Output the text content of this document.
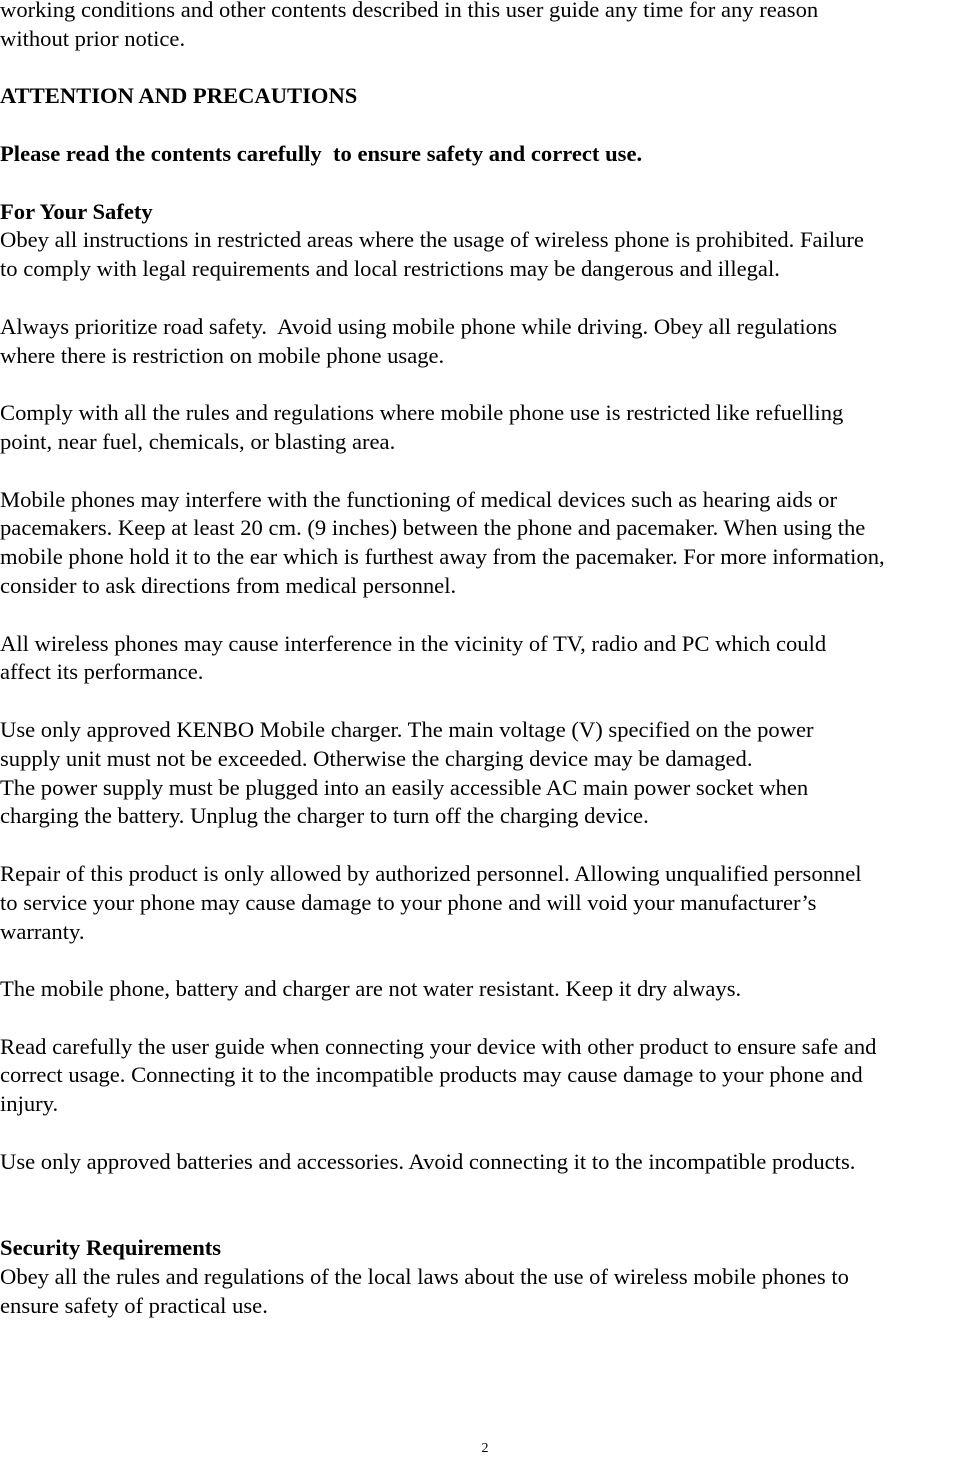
working conditions and other contents described in this user guide any time for any reason
without prior notice.
ATTENTION AND PRECAUTIONS
Please read the contents carefully  to ensure safety and correct use.
For Your Safety
Obey all instructions in restricted areas where the usage of wireless phone is prohibited. Failure
to comply with legal requirements and local restrictions may be dangerous and illegal.
Always prioritize road safety.  Avoid using mobile phone while driving. Obey all regulations
where there is restriction on mobile phone usage.
Comply with all the rules and regulations where mobile phone use is restricted like refuelling
point, near fuel, chemicals, or blasting area.
Mobile phones may interfere with the functioning of medical devices such as hearing aids or
pacemakers. Keep at least 20 cm. (9 inches) between the phone and pacemaker. When using the
mobile phone hold it to the ear which is furthest away from the pacemaker. For more information,
consider to ask directions from medical personnel.
All wireless phones may cause interference in the vicinity of TV, radio and PC which could
affect its performance.
Use only approved KENBO Mobile charger. The main voltage (V) specified on the power
supply unit must not be exceeded. Otherwise the charging device may be damaged.
The power supply must be plugged into an easily accessible AC main power socket when
charging the battery. Unplug the charger to turn off the charging device.
Repair of this product is only allowed by authorized personnel. Allowing unqualified personnel
to service your phone may cause damage to your phone and will void your manufacturer’s
warranty.
The mobile phone, battery and charger are not water resistant. Keep it dry always.
Read carefully the user guide when connecting your device with other product to ensure safe and
correct usage. Connecting it to the incompatible products may cause damage to your phone and
injury.
Use only approved batteries and accessories. Avoid connecting it to the incompatible products.
Security Requirements
Obey all the rules and regulations of the local laws about the use of wireless mobile phones to
ensure safety of practical use.
2
